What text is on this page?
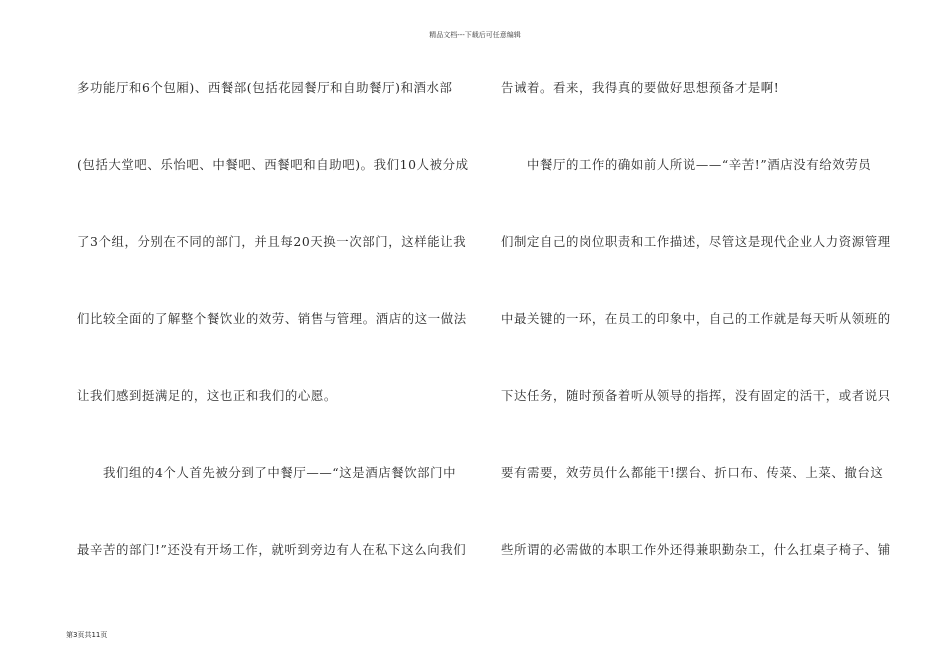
精品文档---下载后可任意编辑
多功能厅和6个包厢)、西餐部(包括花园餐厅和自助餐厅)和酒水部
(包括大堂吧、乐怡吧、中餐吧、西餐吧和自助吧)。我们10人被分成
了3个组，分别在不同的部门，并且每20天换一次部门，这样能让我
们比较全面的了解整个餐饮业的效劳、销售与管理。酒店的这一做法
让我们感到挺满足的，这也正和我们的心愿。
　　我们组的4个人首先被分到了中餐厅——“这是酒店餐饮部门中
最辛苦的部门!”还没有开场工作，就听到旁边有人在私下这么向我们
告诫着。看来，我得真的要做好思想预备才是啊!
　　中餐厅的工作的确如前人所说——“辛苦!”酒店没有给效劳员
们制定自己的岗位职责和工作描述，尽管这是现代企业人力资源管理
中最关键的一环，在员工的印象中，自己的工作就是每天听从领班的
下达任务，随时预备着听从领导的指挥，没有固定的活干，或者说只
要有需要，效劳员什么都能干!摆台、折口布、传菜、上菜、撤台这
些所谓的必需做的本职工作外还得兼职勤杂工，什么扛桌子椅子、铺
第3页共11页
